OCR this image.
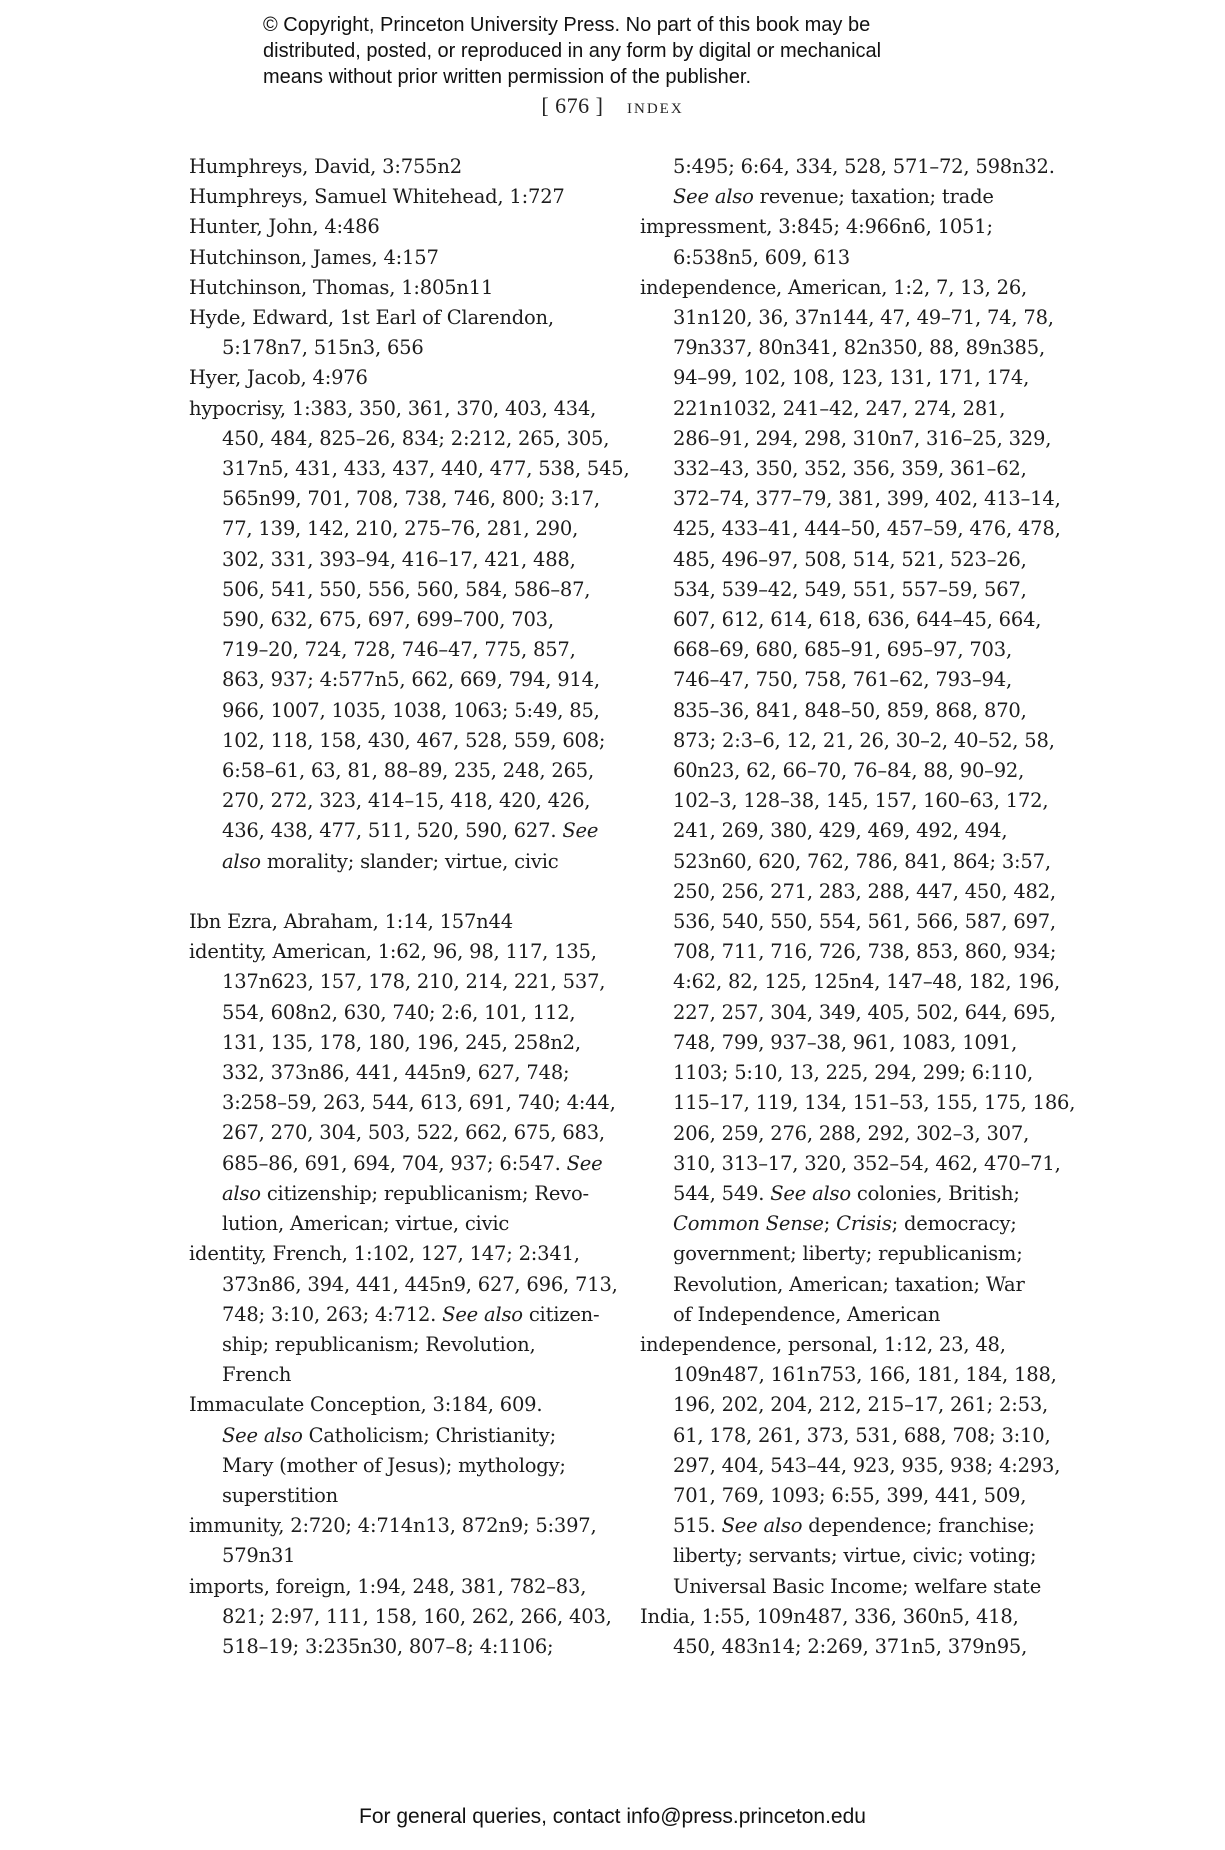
© Copyright, Princeton University Press. No part of this book may be
distributed, posted, or reproduced in any form by digital or mechanical
means without prior written permission of the publisher.
[ 676 ] index
Humphreys, David, 3:755n2
Humphreys, Samuel Whitehead, 1:727
Hunter, John, 4:486
Hutchinson, James, 4:157
Hutchinson, Thomas, 1:805n11
Hyde, Edward, 1st Earl of Clarendon,
5:178n7, 515n3, 656
Hyer, Jacob, 4:976
hypocrisy, 1:383, 350, 361, 370, 403, 434,
450, 484, 825–26, 834; 2:212, 265, 305,
317n5, 431, 433, 437, 440, 477, 538, 545,
565n99, 701, 708, 738, 746, 800; 3:17,
77, 139, 142, 210, 275–76, 281, 290,
302, 331, 393–94, 416–17, 421, 488,
506, 541, 550, 556, 560, 584, 586–87,
590, 632, 675, 697, 699–700, 703,
719–20, 724, 728, 746–47, 775, 857,
863, 937; 4:577n5, 662, 669, 794, 914,
966, 1007, 1035, 1038, 1063; 5:49, 85,
102, 118, 158, 430, 467, 528, 559, 608;
6:58–61, 63, 81, 88–89, 235, 248, 265,
270, 272, 323, 414–15, 418, 420, 426,
436, 438, 477, 511, 520, 590, 627. See
also morality; slander; virtue, civic
Ibn Ezra, Abraham, 1:14, 157n44
identity, American, 1:62, 96, 98, 117, 135,
137n623, 157, 178, 210, 214, 221, 537,
554, 608n2, 630, 740; 2:6, 101, 112,
131, 135, 178, 180, 196, 245, 258n2,
332, 373n86, 441, 445n9, 627, 748;
3:258–59, 263, 544, 613, 691, 740; 4:44,
267, 270, 304, 503, 522, 662, 675, 683,
685–86, 691, 694, 704, 937; 6:547. See
also citizenship; republicanism; Revo-
lution, American; virtue, civic
identity, French, 1:102, 127, 147; 2:341,
373n86, 394, 441, 445n9, 627, 696, 713,
748; 3:10, 263; 4:712. See also citizen-
ship; republicanism; Revolution,
French
Immaculate Conception, 3:184, 609.
See also Catholicism; Christianity;
Mary (mother of Jesus); mythology;
superstition
immunity, 2:720; 4:714n13, 872n9; 5:397,
579n31
imports, foreign, 1:94, 248, 381, 782–83,
821; 2:97, 111, 158, 160, 262, 266, 403,
518–19; 3:235n30, 807–8; 4:1106;
5:495; 6:64, 334, 528, 571–72, 598n32.
See also revenue; taxation; trade
impressment, 3:845; 4:966n6, 1051;
6:538n5, 609, 613
independence, American, 1:2, 7, 13, 26,
31n120, 36, 37n144, 47, 49–71, 74, 78,
79n337, 80n341, 82n350, 88, 89n385,
94–99, 102, 108, 123, 131, 171, 174,
221n1032, 241–42, 247, 274, 281,
286–91, 294, 298, 310n7, 316–25, 329,
332–43, 350, 352, 356, 359, 361–62,
372–74, 377–79, 381, 399, 402, 413–14,
425, 433–41, 444–50, 457–59, 476, 478,
485, 496–97, 508, 514, 521, 523–26,
534, 539–42, 549, 551, 557–59, 567,
607, 612, 614, 618, 636, 644–45, 664,
668–69, 680, 685–91, 695–97, 703,
746–47, 750, 758, 761–62, 793–94,
835–36, 841, 848–50, 859, 868, 870,
873; 2:3–6, 12, 21, 26, 30–2, 40–52, 58,
60n23, 62, 66–70, 76–84, 88, 90–92,
102–3, 128–38, 145, 157, 160–63, 172,
241, 269, 380, 429, 469, 492, 494,
523n60, 620, 762, 786, 841, 864; 3:57,
250, 256, 271, 283, 288, 447, 450, 482,
536, 540, 550, 554, 561, 566, 587, 697,
708, 711, 716, 726, 738, 853, 860, 934;
4:62, 82, 125, 125n4, 147–48, 182, 196,
227, 257, 304, 349, 405, 502, 644, 695,
748, 799, 937–38, 961, 1083, 1091,
1103; 5:10, 13, 225, 294, 299; 6:110,
115–17, 119, 134, 151–53, 155, 175, 186,
206, 259, 276, 288, 292, 302–3, 307,
310, 313–17, 320, 352–54, 462, 470–71,
544, 549. See also colonies, British;
Common Sense; Crisis; democracy;
government; liberty; republicanism;
Revolution, American; taxation; War
of Independence, American
independence, personal, 1:12, 23, 48,
109n487, 161n753, 166, 181, 184, 188,
196, 202, 204, 212, 215–17, 261; 2:53,
61, 178, 261, 373, 531, 688, 708; 3:10,
297, 404, 543–44, 923, 935, 938; 4:293,
701, 769, 1093; 6:55, 399, 441, 509,
515. See also dependence; franchise;
liberty; servants; virtue, civic; voting;
Universal Basic Income; welfare state
India, 1:55, 109n487, 336, 360n5, 418,
450, 483n14; 2:269, 371n5, 379n95,
For general queries, contact info@press.princeton.edu
